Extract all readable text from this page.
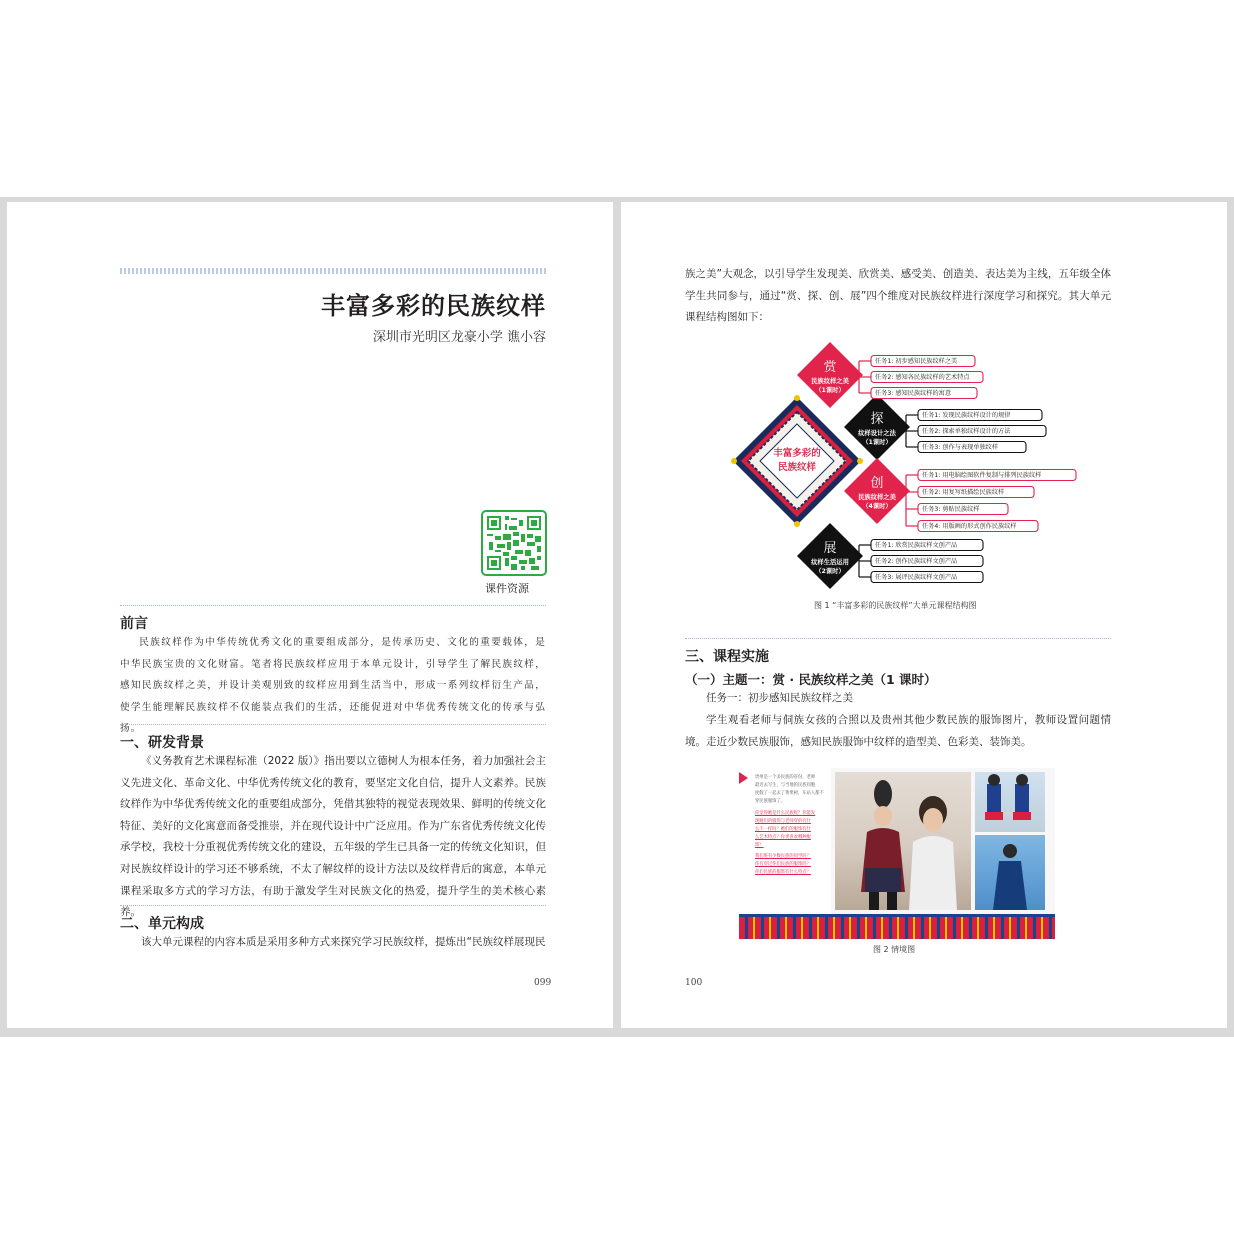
丰富多彩的民族纹样

深圳市光明区龙豪小学 谯小容

课件资源
前言

民族纹样作为中华传统优秀文化的重要组成部分，是传承历史、文化的重要载体，是中华民族宝贵的文化财富。笔者将民族纹样应用于本单元设计，引导学生了解民族纹样，感知民族纹样之美，并设计美观别致的纹样应用到生活当中，形成一系列纹样衍生产品，使学生能理解民族纹样不仅能装点我们的生活，还能促进对中华优秀传统文化的传承与弘扬。

一、研发背景

《义务教育艺术课程标准（2022 版）》指出要以立德树人为根本任务，着力加强社会主义先进文化、革命文化、中华优秀传统文化的教育，要坚定文化自信，提升人文素养。民族纹样作为中华优秀传统文化的重要组成部分，凭借其独特的视觉表现效果、鲜明的传统文化特征、美好的文化寓意而备受推崇，并在现代设计中广泛应用。作为广东省优秀传统文化传承学校，我校十分重视优秀传统文化的建设，五年级的学生已具备一定的传统文化知识，但对民族纹样设计的学习还不够系统，不太了解纹样的设计方法以及纹样背后的寓意，本单元课程采取多方式的学习方法，有助于激发学生对民族文化的热爱，提升学生的美术核心素养。

二、单元构成

该大单元课程的内容本质是采用多种方式来探究学习民族纹样，提炼出“民族纹样展现民

099

族之美”大观念，以引导学生发现美、欣赏美、感受美、创造美、表达美为主线，五年级全体学生共同参与，通过“赏、探、创、展”四个维度对民族纹样进行深度学习和探究。其大单元课程结构图如下：

丰富多彩的
民族纹样
赏
民族纹样之美
（1课时）
探
纹样设计之法
（1课时）
创
民族纹样之美
（4课时）
展
纹样生活运用
（2课时）
任务1: 初步感知民族纹样之美
任务2: 感知各民族纹样的艺术特点
任务3: 感知民族纹样的寓意
任务1: 发现民族纹样设计的规律
任务2: 探索单独纹样设计的方法
任务3: 创作与表现单独纹样
任务1: 用电脑绘图软件复制与排列民族纹样
任务2: 用复写纸描绘民族纹样
任务3: 剪贴民族纹样
任务4: 用版画的形式创作民族纹样
任务1: 欣赏民族纹样文创产品
任务2: 创作民族纹样文创产品
任务3: 展评民族纹样文创产品
图 1 “丰富多彩的民族纹样”大单元课程结构图
三、课程实施
（一）主题一：赏 · 民族纹样之美（1 课时）

任务一：初步感知民族纹样之美

学生观看老师与侗族女孩的合照以及贵州其他少数民族的服饰图片，教师设置问题情境。走近少数民族服饰，感知民族服饰中纹样的造型美、色彩美、装饰美。

贵州是一个多民族的省份，老师
最近去写生，与当地的民族同胞
度假了一起去了黄果树，车站人都不
穿民族服饰了。
你觉得她是什么民族呢？你能发
现她们的服饰与老师穿的有什
么不一样吗？她们的服饰有什
么艺术特点？你更喜欢哪种服
饰？
我们班有少数民族的同学吗？
你有穿过你们民族的服饰吗？
你们民族的服饰有什么特点？
图 2 情境图
100
